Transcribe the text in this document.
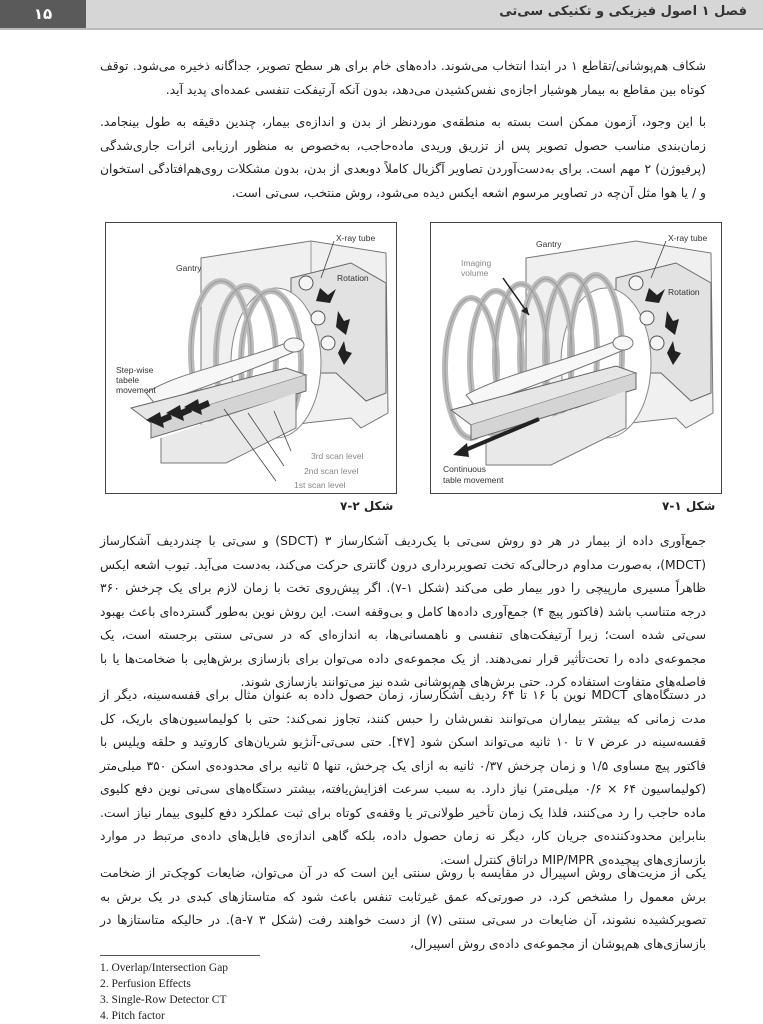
۱۵	فصل ۱ اصول فیزیکی و تکنیکی سی‌تی

شکاف هم‌پوشانی/تقاطع ۱ در ابتدا انتخاب می‌شوند. داده‌های خام برای هر سطح تصویر، جداگانه ذخیره می‌شود. توقف کوتاه بین مقاطع به بیمار هوشیار اجازه‌ی نفس‌کشیدن می‌دهد، بدون آنکه آرتیفکت تنفسی عمده‌ای پدید آید.

با این وجود، آزمون ممکن است بسته به منطقه‌ی موردنظر از بدن و اندازه‌ی بیمار، چندین دقیقه به طول بینجامد. زمان‌بندی مناسب حصول تصویر پس از تزریق وریدی ماده‌حاجب، به‌خصوص به منظور ارزیابی اثرات جاری‌شدگی (پرفیوژن) ۲ مهم است. برای به‌دست‌آوردن تصاویر آگزیال کاملاً دوبعدی از بدن، بدون مشکلات روی‌هم‌افتادگی استخوان و / یا هوا مثل آن‌چه در تصاویر مرسوم اشعه ایکس دیده می‌شود، روش منتخب، سی‌تی است.

X-ray tube
Gantry
Rotation
Step-wise
tabele
movement
3rd scan level
2nd scan level
1st scan level
X-ray tube
Gantry
Rotation
Imaging
volume
Continuous
table movement
شکل ۲-۷	شکل ۱-۷

جمع‌آوری داده از بیمار در هر دو روش سی‌تی با یک‌ردیف آشکارساز ۳ (SDCT) و سی‌تی با چندردیف آشکارساز (MDCT)، به‌صورت مداوم درحالی‌که تخت تصویربرداری درون گانتری حرکت می‌کند، به‌دست می‌آید. تیوب اشعه ایکس ظاهراً مسیری مارپیچی را دور بیمار طی می‌کند (شکل ۱-۷). اگر پیش‌روی تخت با زمان لازم برای یک چرخش ۳۶۰ درجه متناسب باشد (فاکتور پیچ ۴) جمع‌آوری داده‌ها کامل و بی‌وقفه است. این روش نوین به‌طور گسترده‌ای باعث بهبود سی‌تی شده است؛ زیرا آرتیفکت‌های تنفسی و ناهمسانی‌ها، به اندازه‌ای که در سی‌تی سنتی برجسته است، یک مجموعه‌ی داده را تحت‌تأثیر قرار نمی‌دهند. از یک مجموعه‌ی داده می‌توان برای بازسازی برش‌هایی با ضخامت‌ها یا با فاصله‌های متفاوت استفاده کرد. حتی برش‌های هم‌پوشانی شده نیز می‌توانند بازسازی شوند.

در دستگاه‌های MDCT نوین با ۱۶ تا ۶۴ ردیف آشکارساز، زمان حصول داده به عنوان مثال برای قفسه‌سینه، دیگر از مدت زمانی که بیشتر بیماران می‌توانند نفس‌شان را حبس کنند، تجاوز نمی‌کند: حتی با کولیماسیون‌های باریک، کل قفسه‌سینه در عرض ۷ تا ۱۰ ثانیه می‌تواند اسکن شود [۴۷]. حتی سی‌تی-آنژیو شریان‌های کاروتید و حلقه ویلیس با فاکتور پیچ مساوی ۱/۵ و زمان چرخش ۰/۳۷ ثانیه به ازای یک چرخش، تنها ۵ ثانیه برای محدوده‌ی اسکن ۳۵۰ میلی‌متر (کولیماسیون ۶۴ × ۰/۶ میلی‌متر) نیاز دارد. به سبب سرعت افزایش‌یافته، بیشتر دستگاه‌های سی‌تی نوین دفع کلیوی ماده حاجب را رد می‌کنند، فلذا یک زمان تأخیر طولانی‌تر یا وقفه‌ی کوتاه برای ثبت عملکرد دفع کلیوی بیمار نیاز است. بنابراین محدودکننده‌ی جریان کار، دیگر نه زمان حصول داده، بلکه گاهی اندازه‌ی فایل‌های داده‌ی مرتبط در موارد بازسازی‌های پیچیده‌ی MIP/MPR دراتاق کنترل است.

یکی از مزیت‌های روش اسپیرال در مقایسه با روش سنتی این است که در آن می‌توان، ضایعات کوچک‌تر از ضخامت برش معمول را مشخص کرد. در صورتی‌که عمق غیرثابت تنفس باعث شود که متاستازهای کبدی در یک برش به تصویرکشیده نشوند، آن ضایعات در سی‌تی سنتی (۷) از دست خواهند رفت (شکل ۳ a-۷). در حالیکه متاستازها در بازسازی‌های هم‌پوشان از مجموعه‌ی داده‌ی روش اسپیرال،

1. Overlap/Intersection Gap
2. Perfusion Effects
3. Single-Row Detector CT
4. Pitch factor
